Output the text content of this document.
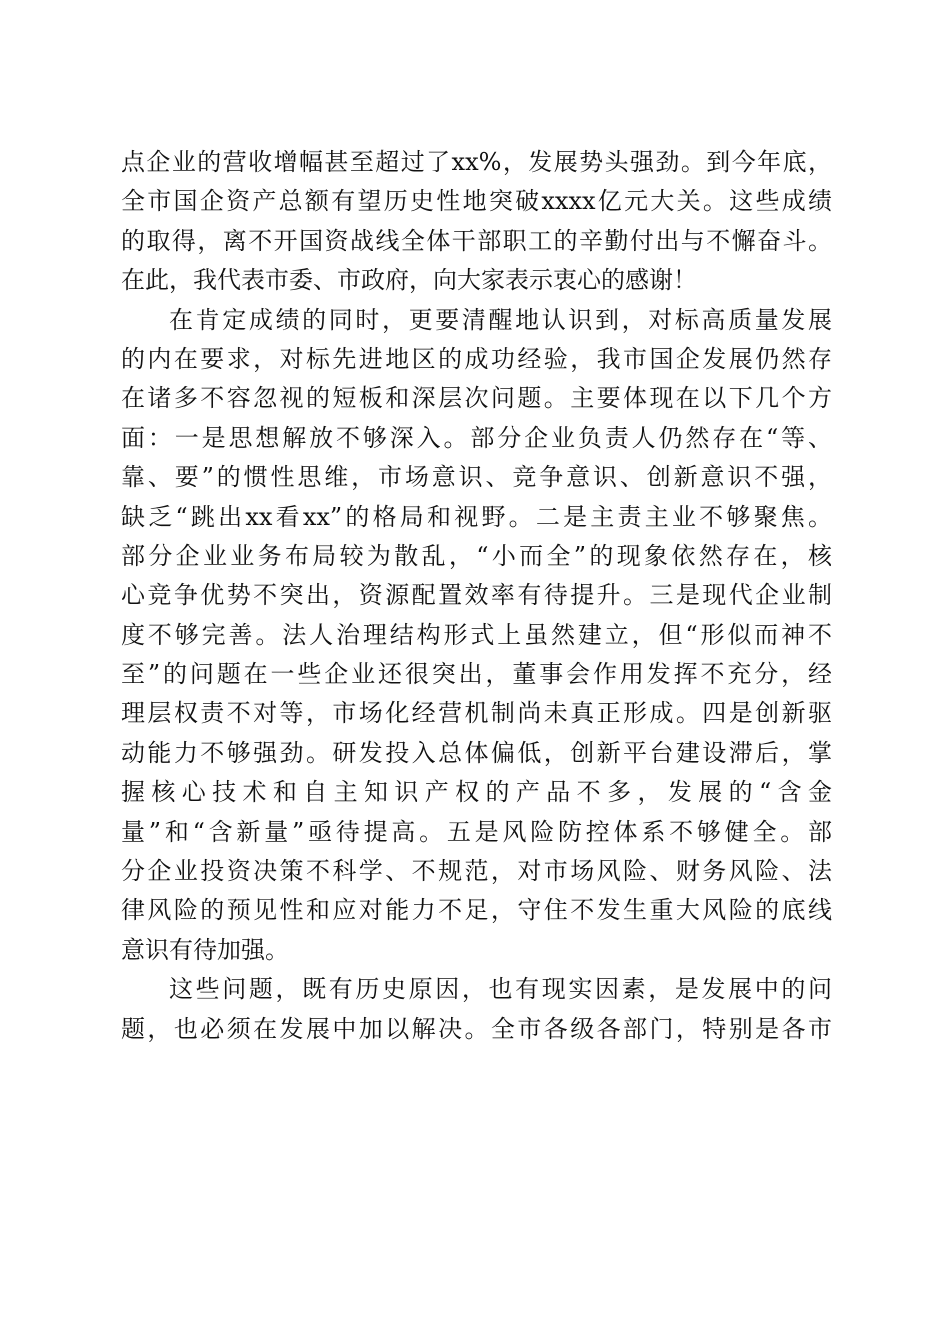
点企业的营收增幅甚至超过了xx%，发展势头强劲。到今年底，
全市国企资产总额有望历史性地突破xxxx亿元大关。这些成绩
的取得，离不开国资战线全体干部职工的辛勤付出与不懈奋斗。
在此，我代表市委、市政府，向大家表示衷心的感谢！
在肯定成绩的同时，更要清醒地认识到，对标高质量发展
的内在要求，对标先进地区的成功经验，我市国企发展仍然存
在诸多不容忽视的短板和深层次问题。主要体现在以下几个方
面：一是思想解放不够深入。部分企业负责人仍然存在“等、
靠、要”的惯性思维，市场意识、竞争意识、创新意识不强，
缺乏“跳出xx看xx”的格局和视野。二是主责主业不够聚焦。
部分企业业务布局较为散乱，“小而全”的现象依然存在，核
心竞争优势不突出，资源配置效率有待提升。三是现代企业制
度不够完善。法人治理结构形式上虽然建立，但“形似而神不
至”的问题在一些企业还很突出，董事会作用发挥不充分，经
理层权责不对等，市场化经营机制尚未真正形成。四是创新驱
动能力不够强劲。研发投入总体偏低，创新平台建设滞后，掌
握核心技术和自主知识产权的产品不多，发展的“含金
量”和“含新量”亟待提高。五是风险防控体系不够健全。部
分企业投资决策不科学、不规范，对市场风险、财务风险、法
律风险的预见性和应对能力不足，守住不发生重大风险的底线
意识有待加强。
这些问题，既有历史原因，也有现实因素，是发展中的问
题，也必须在发展中加以解决。全市各级各部门，特别是各市
